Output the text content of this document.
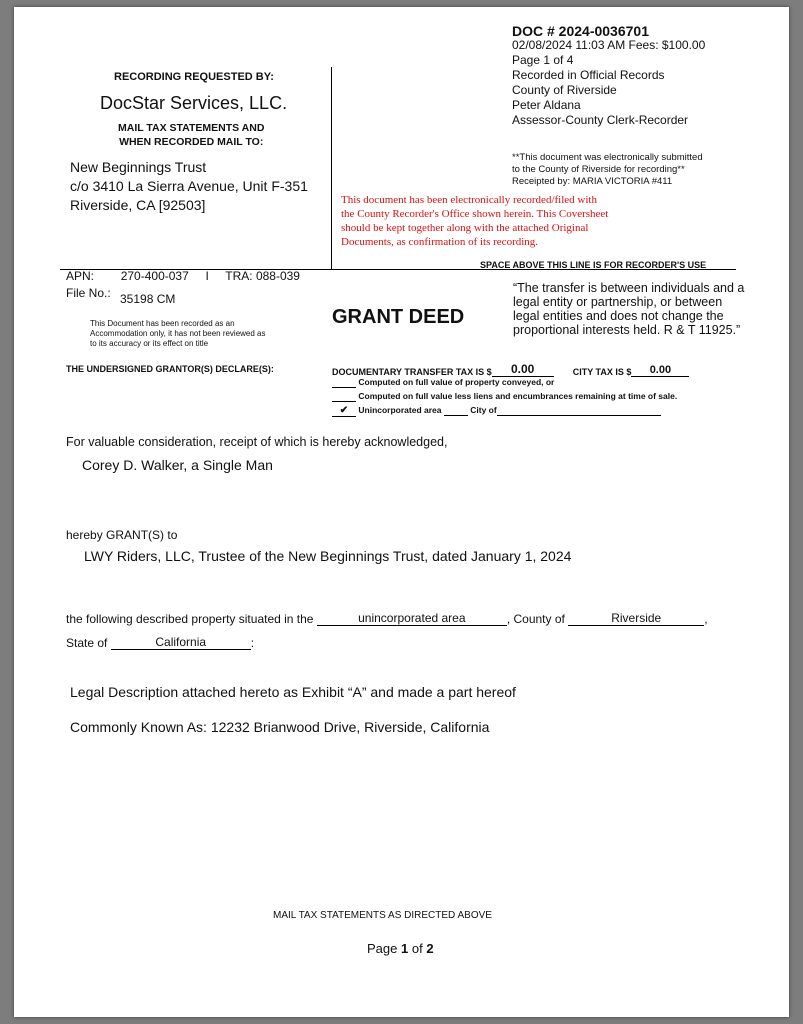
DOC # 2024-0036701
02/08/2024 11:03 AM Fees: $100.00
Page 1 of 4
Recorded in Official Records
County of Riverside
Peter Aldana
Assessor-County Clerk-Recorder
**This document was electronically submitted
to the County of Riverside for recording**
Receipted by: MARIA VICTORIA #411
This document has been electronically recorded/filed with
the County Recorder's Office shown herein. This Coversheet
should be kept together along with the attached Original
Documents, as confirmation of its recording.
RECORDING REQUESTED BY:
DocStar Services, LLC.
MAIL TAX STATEMENTS AND
WHEN RECORDED MAIL TO:
New Beginnings Trust
c/o 3410 La Sierra Avenue, Unit F-351
Riverside, CA [92503]
SPACE ABOVE THIS LINE IS FOR RECORDER'S USE
APN: 270-400-037 I TRA: 088-039
File No.: 35198 CM
This Document has been recorded as an
Accommodation only, it has not been reviewed as
to its accuracy or its effect on title
GRANT DEED
“The transfer is between individuals and a
legal entity or partnership, or between
legal entities and does not change the
proportional interests held. R & T 11925.”
THE UNDERSIGNED GRANTOR(S) DECLARE(S):	DOCUMENTARY TRANSFER TAX IS $ 0.00	CITY TAX IS $ 0.00
Computed on full value of property conveyed, or
Computed on full value less liens and encumbrances remaining at time of sale.
✔ Unincorporated area	City of
For valuable consideration, receipt of which is hereby acknowledged,
Corey D. Walker, a Single Man
hereby GRANT(S) to
LWY Riders, LLC, Trustee of the New Beginnings Trust, dated January 1, 2024
the following described property situated in the	unincorporated area	, County of	Riverside	,
State of	California	:
Legal Description attached hereto as Exhibit “A” and made a part hereof
Commonly Known As: 12232 Brianwood Drive, Riverside, California
MAIL TAX STATEMENTS AS DIRECTED ABOVE
Page 1 of 2
